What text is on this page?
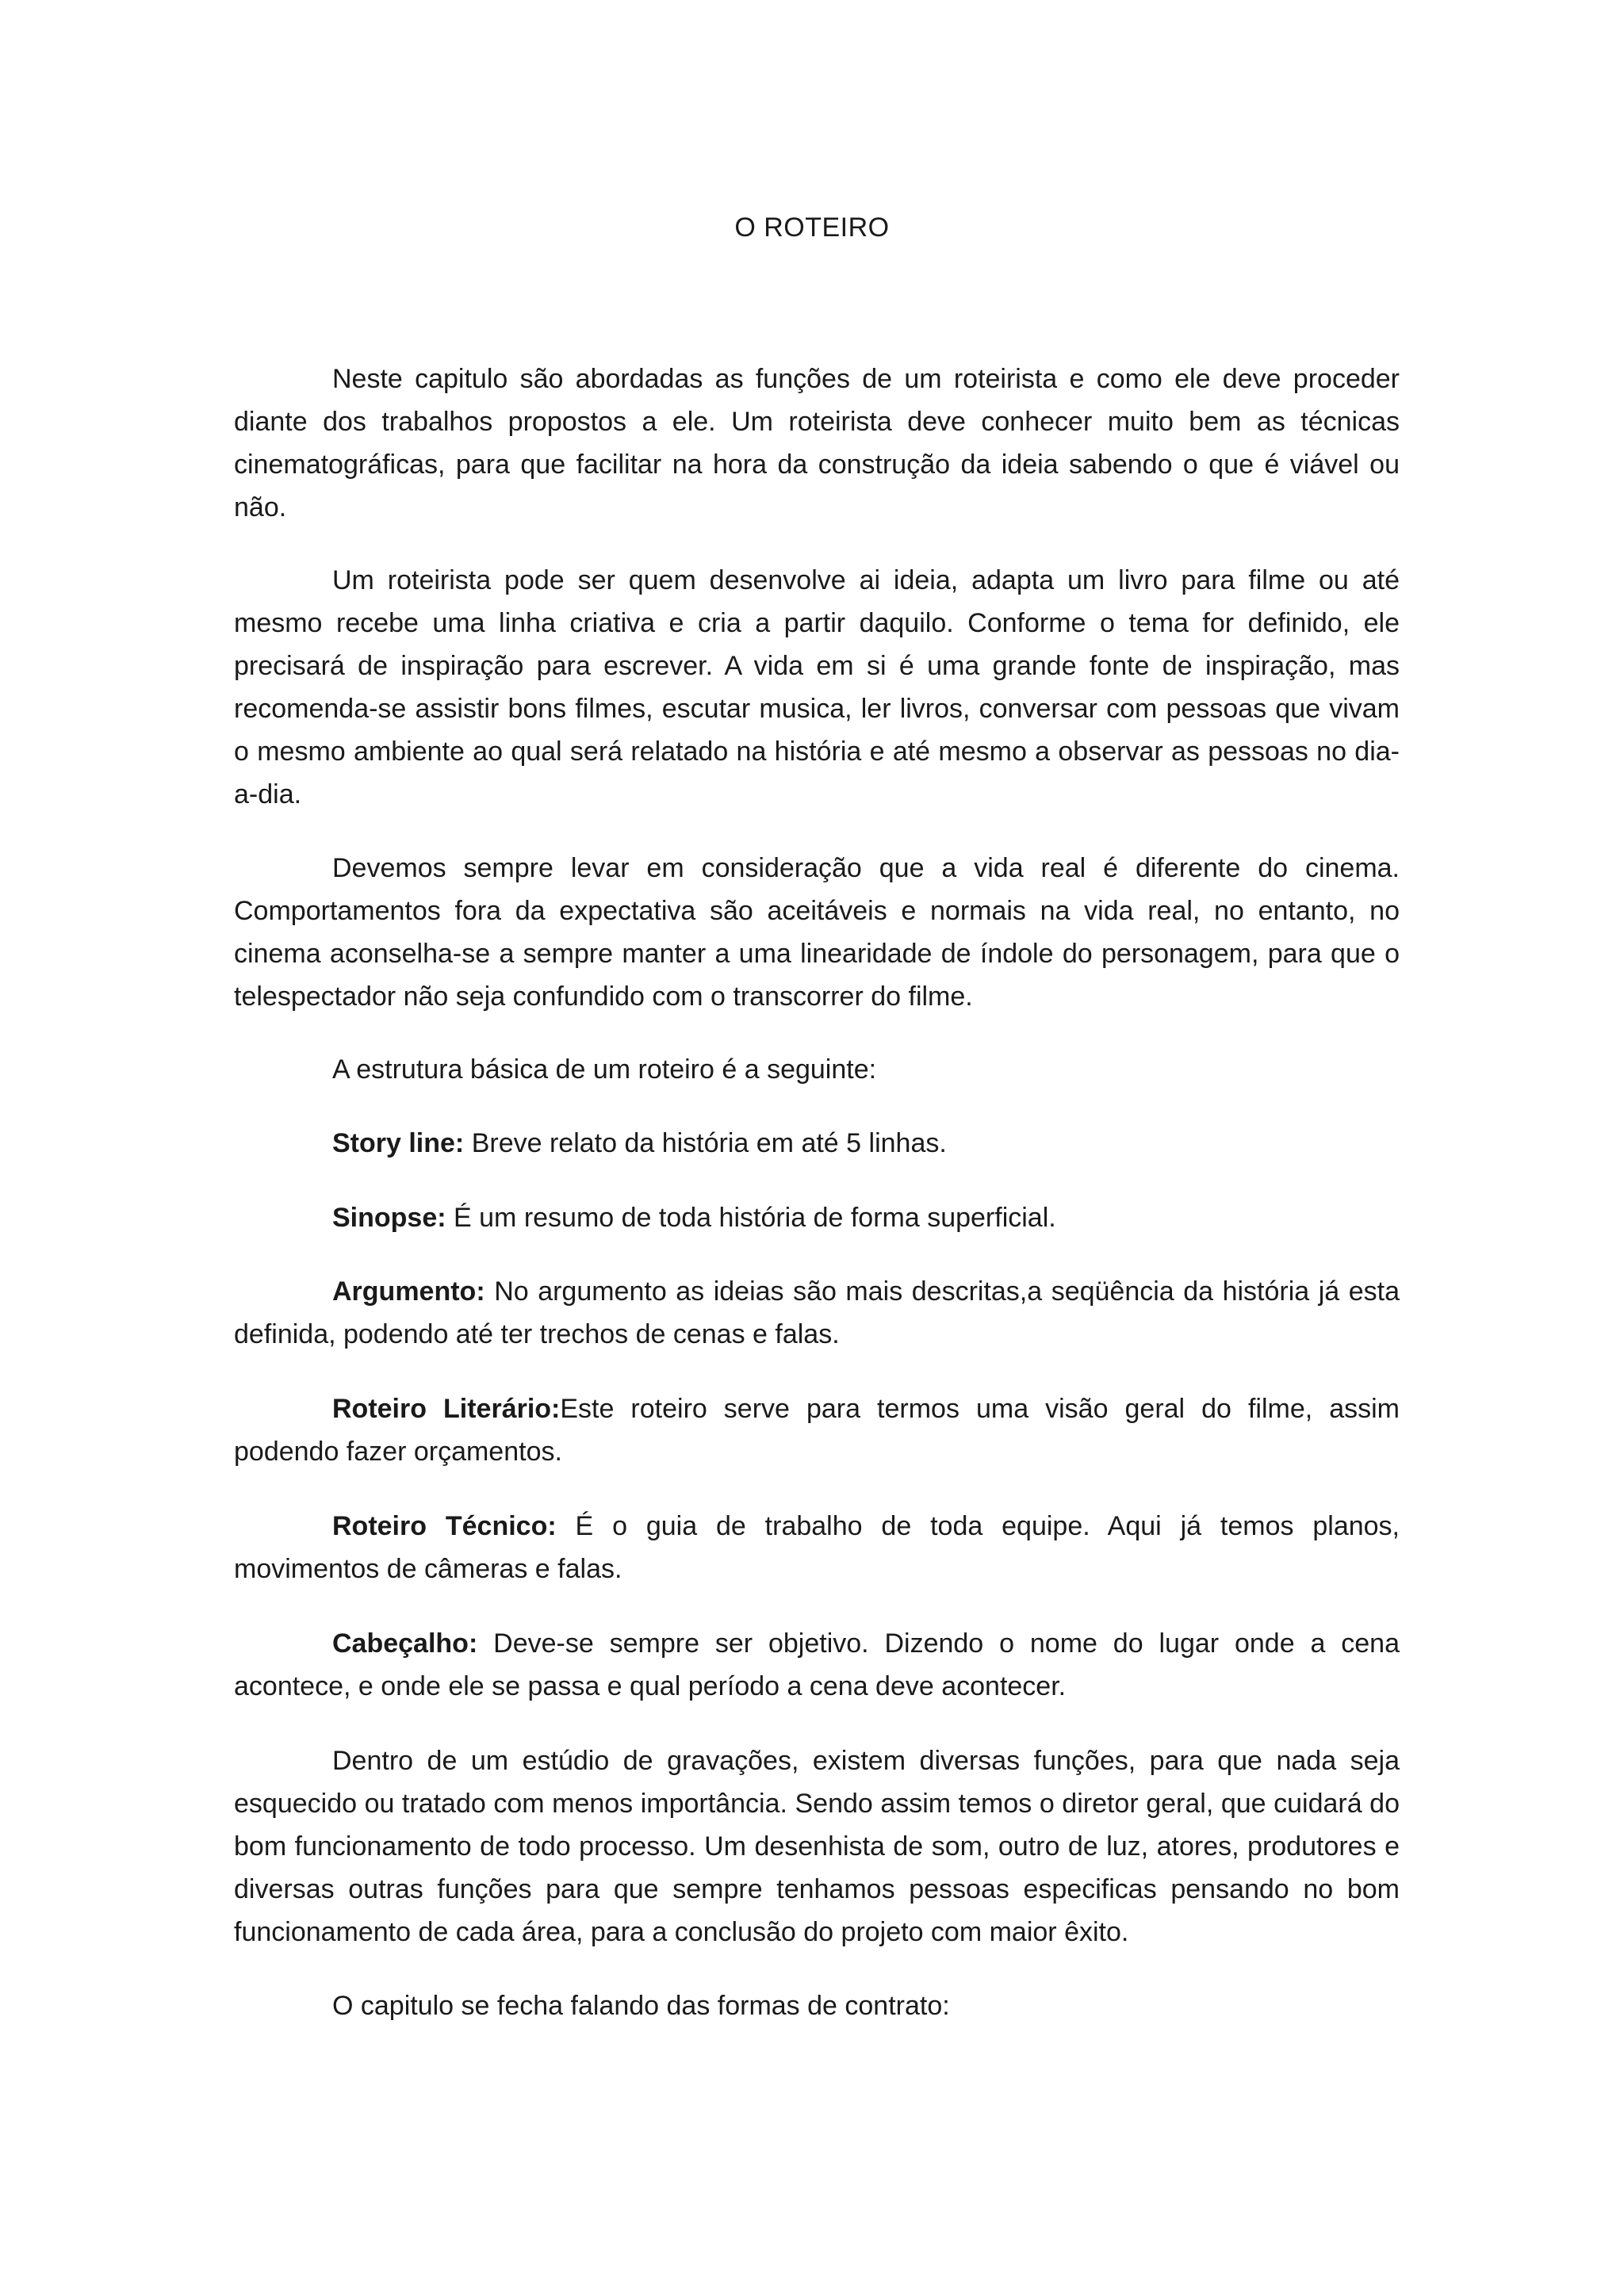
O ROTEIRO

Neste capitulo são abordadas as funções de um roteirista e como ele deve proceder diante dos trabalhos propostos a ele. Um roteirista deve conhecer muito bem as técnicas cinematográficas, para que facilitar na hora da construção da ideia sabendo o que é viável ou não.

Um roteirista pode ser quem desenvolve ai ideia, adapta um livro para filme ou até mesmo recebe uma linha criativa e cria a partir daquilo. Conforme o tema for definido, ele precisará de inspiração para escrever. A vida em si é uma grande fonte de inspiração, mas recomenda-se assistir bons filmes, escutar musica, ler livros, conversar com pessoas que vivam o mesmo ambiente ao qual será relatado na história e até mesmo a observar as pessoas no dia-a-dia.

Devemos sempre levar em consideração que a vida real é diferente do cinema. Comportamentos fora da expectativa são aceitáveis e normais na vida real, no entanto, no cinema aconselha-se a sempre manter a uma linearidade de índole do personagem, para que o telespectador não seja confundido com o transcorrer do filme.

A estrutura básica de um roteiro é a seguinte:

Story line: Breve relato da história em até 5 linhas.

Sinopse: É um resumo de toda história de forma superficial.

Argumento: No argumento as ideias são mais descritas,a seqüência da história já esta definida, podendo até ter trechos de cenas e falas.

Roteiro Literário:Este roteiro serve para termos uma visão geral do filme, assim podendo fazer orçamentos.

Roteiro Técnico: É o guia de trabalho de toda equipe. Aqui já temos planos, movimentos de câmeras e falas.

Cabeçalho: Deve-se sempre ser objetivo. Dizendo o nome do lugar onde a cena acontece, e onde ele se passa e qual período a cena deve acontecer.

Dentro de um estúdio de gravações, existem diversas funções, para que nada seja esquecido ou tratado com menos importância. Sendo assim temos o diretor geral, que cuidará do bom funcionamento de todo processo. Um desenhista de som, outro de luz, atores, produtores e diversas outras funções para que sempre tenhamos pessoas especificas pensando no bom funcionamento de cada área, para a conclusão do projeto com maior êxito.

O capitulo se fecha falando das formas de contrato:
